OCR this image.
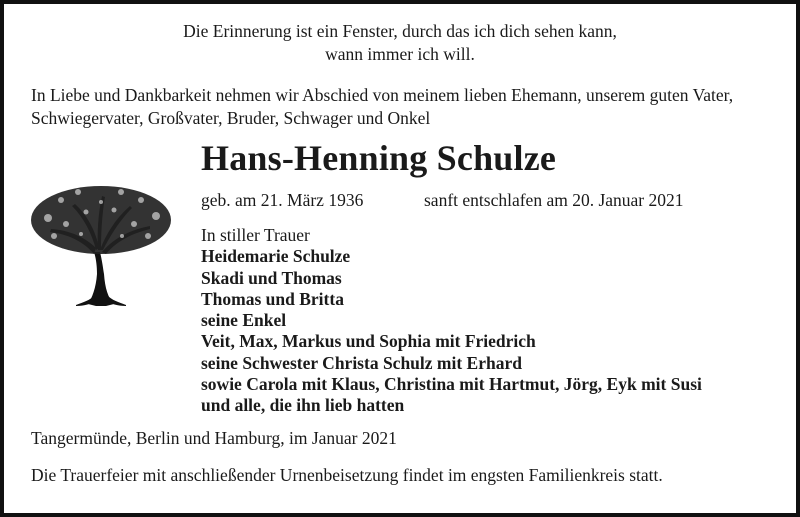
Die Erinnerung ist ein Fenster, durch das ich dich sehen kann,
wann immer ich will.
In Liebe und Dankbarkeit nehmen wir Abschied von meinem lieben Ehemann, unserem guten Vater,
Schwiegervater, Großvater, Bruder, Schwager und Onkel
Hans-Henning Schulze
geb. am 21. März 1936	sanft entschlafen am 20. Januar 2021
In stiller Trauer
Heidemarie Schulze
Skadi und Thomas
Thomas und Britta
seine Enkel
Veit, Max, Markus und Sophia mit Friedrich
seine Schwester Christa Schulz mit Erhard
sowie Carola mit Klaus, Christina mit Hartmut, Jörg, Eyk mit Susi
und alle, die ihn lieb hatten
Tangermünde, Berlin und Hamburg, im Januar 2021
Die Trauerfeier mit anschließender Urnenbeisetzung findet im engsten Familienkreis statt.
